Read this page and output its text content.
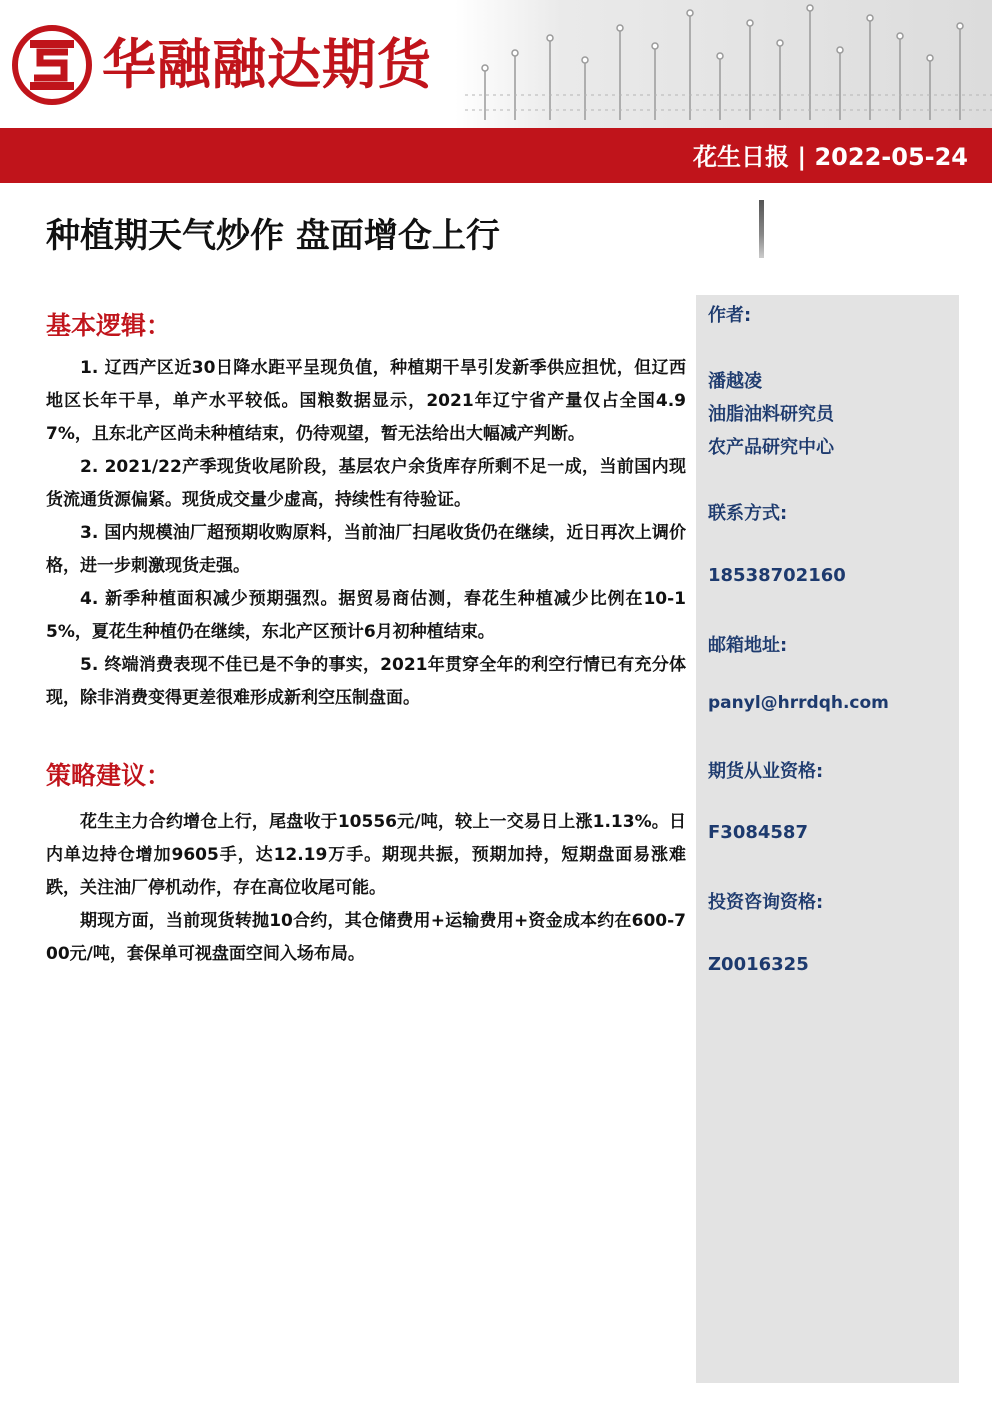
华融融达期货
花生日报 | 2022-05-24
种植期天气炒作 盘面增仓上行
基本逻辑：

1. 辽西产区近30日降水距平呈现负值，种植期干旱引发新季供应担忧，但辽西地区长年干旱，单产水平较低。国粮数据显示，2021年辽宁省产量仅占全国4.97%，且东北产区尚未种植结束，仍待观望，暂无法给出大幅减产判断。

2. 2021/22产季现货收尾阶段，基层农户余货库存所剩不足一成，当前国内现货流通货源偏紧。现货成交量少虚高，持续性有待验证。

3. 国内规模油厂超预期收购原料，当前油厂扫尾收货仍在继续，近日再次上调价格，进一步刺激现货走强。

4. 新季种植面积减少预期强烈。据贸易商估测，春花生种植减少比例在10-15%，夏花生种植仍在继续，东北产区预计6月初种植结束。

5. 终端消费表现不佳已是不争的事实，2021年贯穿全年的利空行情已有充分体现，除非消费变得更差很难形成新利空压制盘面。

策略建议：

花生主力合约增仓上行，尾盘收于10556元/吨，较上一交易日上涨1.13%。日内单边持仓增加9605手，达12.19万手。期现共振，预期加持，短期盘面易涨难跌，关注油厂停机动作，存在高位收尾可能。

期现方面，当前现货转抛10合约，其仓储费用+运输费用+资金成本约在600-700元/吨，套保单可视盘面空间入场布局。

作者:
潘越凌
油脂油料研究员
农产品研究中心
联系方式:
18538702160
邮箱地址:
panyl@hrrdqh.com
期货从业资格:
F3084587
投资咨询资格:
Z0016325
